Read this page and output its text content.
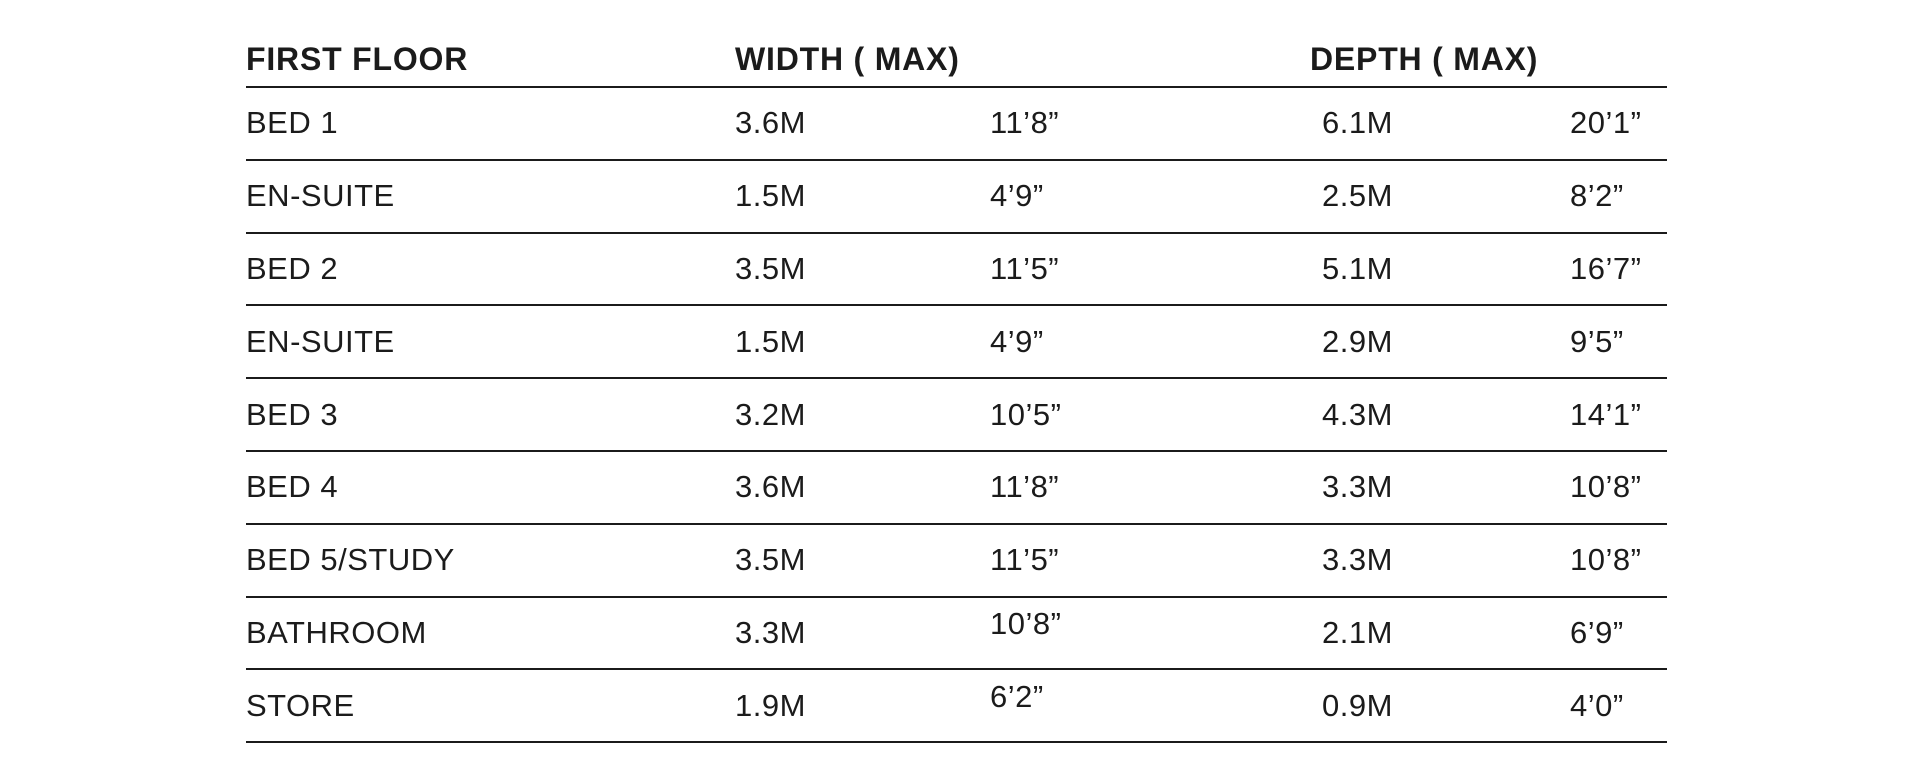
FIRST FLOOR	WIDTH ( MAX)	DEPTH ( MAX)
BED 1	3.6M	11’8”	6.1M	20’1”
EN-SUITE	1.5M	4’9”	2.5M	8’2”
BED 2	3.5M	11’5”	5.1M	16’7”
EN-SUITE	1.5M	4’9”	2.9M	9’5”
BED 3	3.2M	10’5”	4.3M	14’1”
BED 4	3.6M	11’8”	3.3M	10’8”
BED 5/STUDY	3.5M	11’5”	3.3M	10’8”
BATHROOM	3.3M	10’8”	2.1M	6’9”
STORE	1.9M	6’2”	0.9M	4’0”
